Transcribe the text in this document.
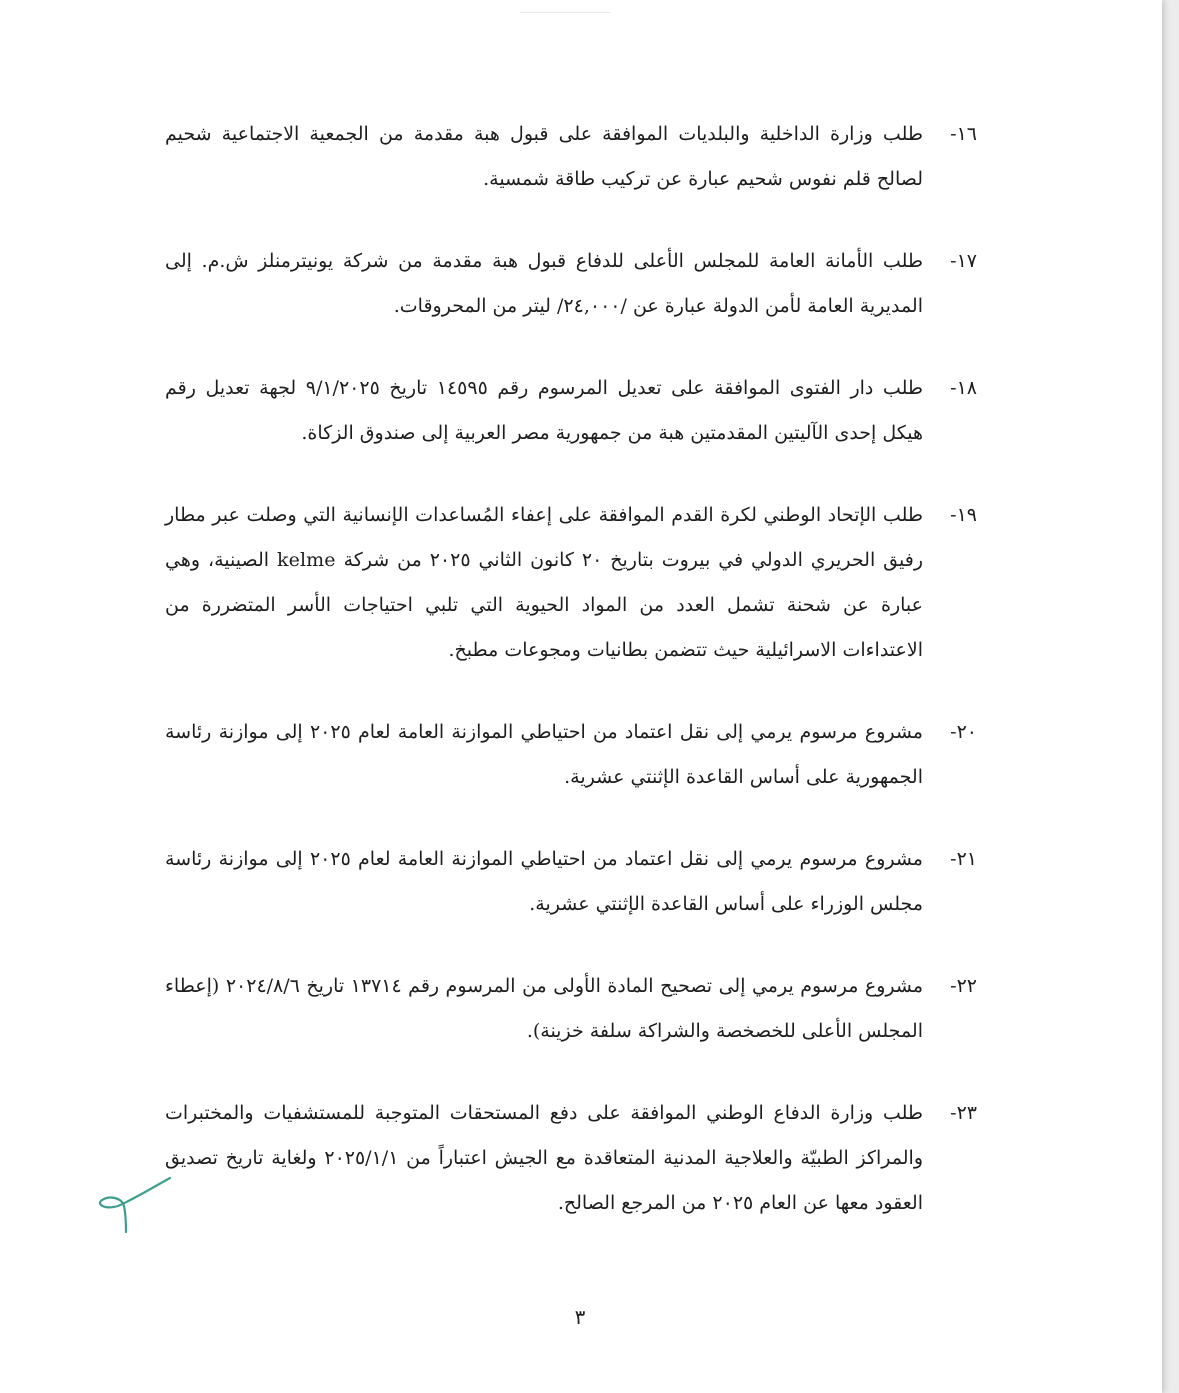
١٦-
طلب وزارة الداخلية والبلديات الموافقة على قبول هبة مقدمة من الجمعية الاجتماعية شحيم لصالح قلم نفوس شحيم عبارة عن تركيب طاقة شمسية.
١٧-
طلب الأمانة العامة للمجلس الأعلى للدفاع قبول هبة مقدمة من شركة يونيترمنلز ش.م. إلى المديرية العامة لأمن الدولة عبارة عن /٢٤,٠٠٠/ ليتر من المحروقات.
١٨-
طلب دار الفتوى الموافقة على تعديل المرسوم رقم ١٤٥٩٥ تاريخ ٩/١/٢٠٢٥ لجهة تعديل رقم هيكل إحدى الآليتين المقدمتين هبة من جمهورية مصر العربية إلى صندوق الزكاة.
١٩-
طلب الإتحاد الوطني لكرة القدم الموافقة على إعفاء المُساعدات الإنسانية التي وصلت عبر مطار رفيق الحريري الدولي في بيروت بتاريخ ٢٠ كانون الثاني ٢٠٢٥ من شركة kelme الصينية، وهي عبارة عن شحنة تشمل العدد من المواد الحيوية التي تلبي احتياجات الأسر المتضررة من الاعتداءات الاسرائيلية حيث تتضمن بطانيات ومجوعات مطبخ.
٢٠-
مشروع مرسوم يرمي إلى نقل اعتماد من احتياطي الموازنة العامة لعام ٢٠٢٥ إلى موازنة رئاسة الجمهورية على أساس القاعدة الإثنتي عشرية.
٢١-
مشروع مرسوم يرمي إلى نقل اعتماد من احتياطي الموازنة العامة لعام ٢٠٢٥ إلى موازنة رئاسة مجلس الوزراء على أساس القاعدة الإثنتي عشرية.
٢٢-
مشروع مرسوم يرمي إلى تصحيح المادة الأولى من المرسوم رقم ١٣٧١٤ تاريخ ٢٠٢٤/٨/٦ (إعطاء المجلس الأعلى للخصخصة والشراكة سلفة خزينة).
٢٣-
طلب وزارة الدفاع الوطني الموافقة على دفع المستحقات المتوجبة للمستشفيات والمختبرات والمراكز الطبيّة والعلاجية المدنية المتعاقدة مع الجيش اعتباراً من ٢٠٢٥/١/١ ولغاية تاريخ تصديق العقود معها عن العام ٢٠٢٥ من المرجع الصالح.
٣
